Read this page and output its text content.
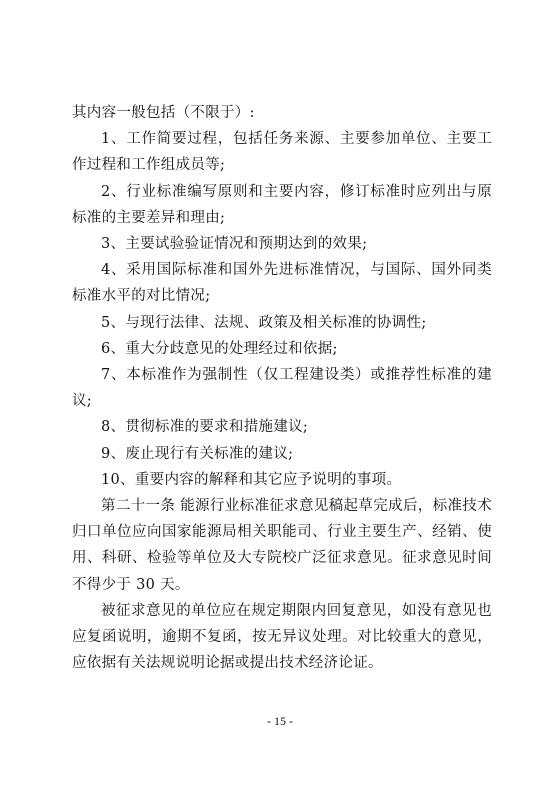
其内容一般包括（不限于）:

1、工作简要过程，包括任务来源、主要参加单位、主要工作过程和工作组成员等;

2、行业标准编写原则和主要内容，修订标准时应列出与原标准的主要差异和理由;

3、主要试验验证情况和预期达到的效果;

4、采用国际标准和国外先进标准情况，与国际、国外同类标准水平的对比情况;

5、与现行法律、法规、政策及相关标准的协调性;

6、重大分歧意见的处理经过和依据;

7、本标准作为强制性（仅工程建设类）或推荐性标准的建议;

8、贯彻标准的要求和措施建议;

9、废止现行有关标准的建议;

10、重要内容的解释和其它应予说明的事项。

第二十一条 能源行业标准征求意见稿起草完成后，标准技术归口单位应向国家能源局相关职能司、行业主要生产、经销、使用、科研、检验等单位及大专院校广泛征求意见。征求意见时间不得少于 30 天。

被征求意见的单位应在规定期限内回复意见，如没有意见也应复函说明，逾期不复函，按无异议处理。对比较重大的意见，应依据有关法规说明论据或提出技术经济论证。

- 15 -
